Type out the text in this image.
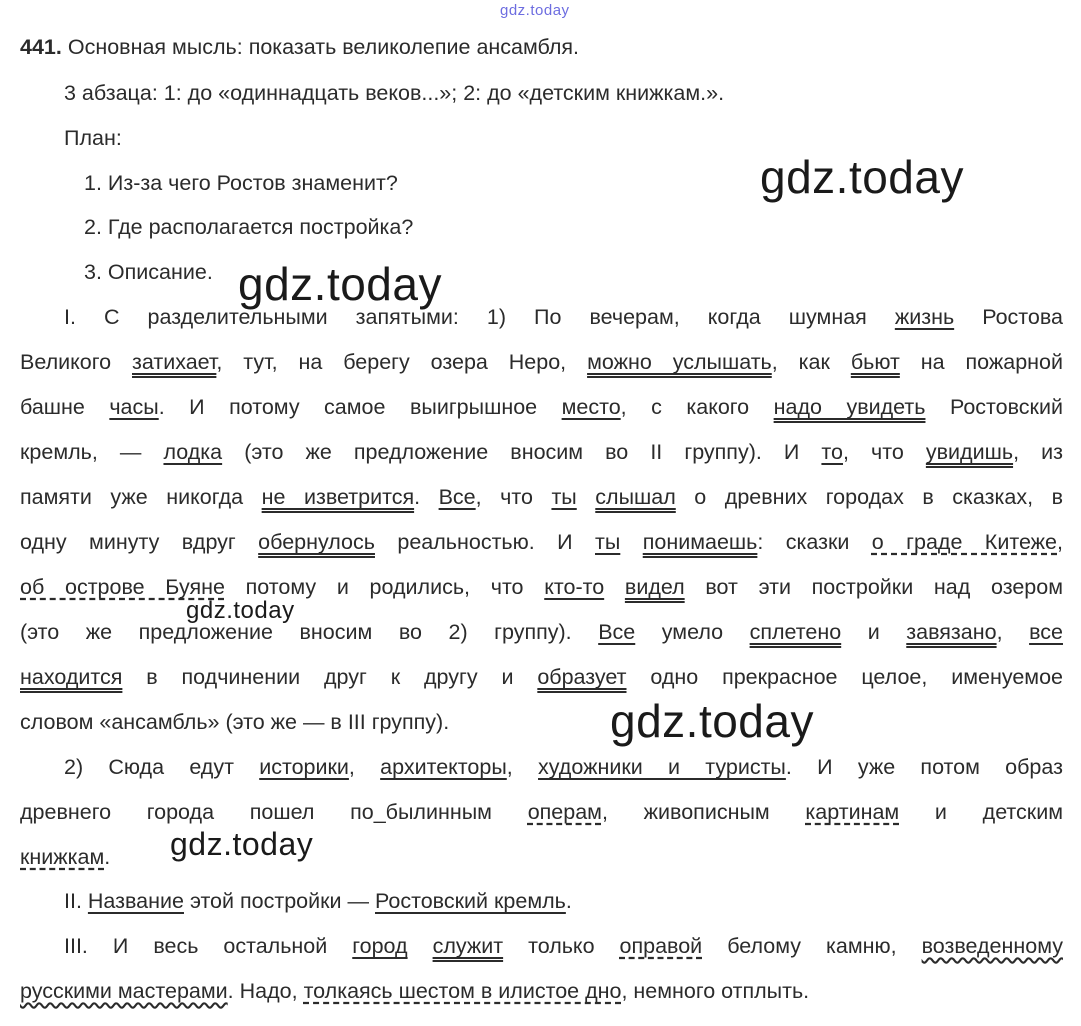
gdz.today
gdz.today
gdz.today
gdz.today
gdz.today
gdz.today
441. Основная мысль: показать великолепие ансамбля.
3 абзаца: 1: до «одиннадцать веков...»; 2: до «детским книжкам.».
План:
1. Из-за чего Ростов знаменит?
2. Где располагается постройка?
3. Описание.
I. С разделительными запятыми: 1) По вечерам, когда шумная жизнь Ростова
Великого затихает, тут, на берегу озера Неро, можно услышать, как бьют на пожарной
башне часы. И потому самое выигрышное место, с какого надо увидеть Ростовский
кремль, — лодка (это же предложение вносим во II группу). И то, что увидишь, из
памяти уже никогда не изветрится. Все, что ты слышал о древних городах в сказках, в
одну минуту вдруг обернулось реальностью. И ты понимаешь: сказки о граде Китеже,
об острове Буяне потому и родились, что кто-то видел вот эти постройки над озером
(это же предложение вносим во 2) группу). Все умело сплетено и завязано, все
находится в подчинении друг к другу и образует одно прекрасное целое, именуемое
словом «ансамбль» (это же — в III группу).
2) Сюда едут историки, архитекторы, художники и туристы. И уже потом образ
древнего города пошел по_былинным операм, живописным картинам и детским
книжкам.
II. Название этой постройки — Ростовский кремль.
III. И весь остальной город служит только оправой белому камню, возведенному
русскими мастерами. Надо, толкаясь шестом в илистое дно, немного отплыть.
